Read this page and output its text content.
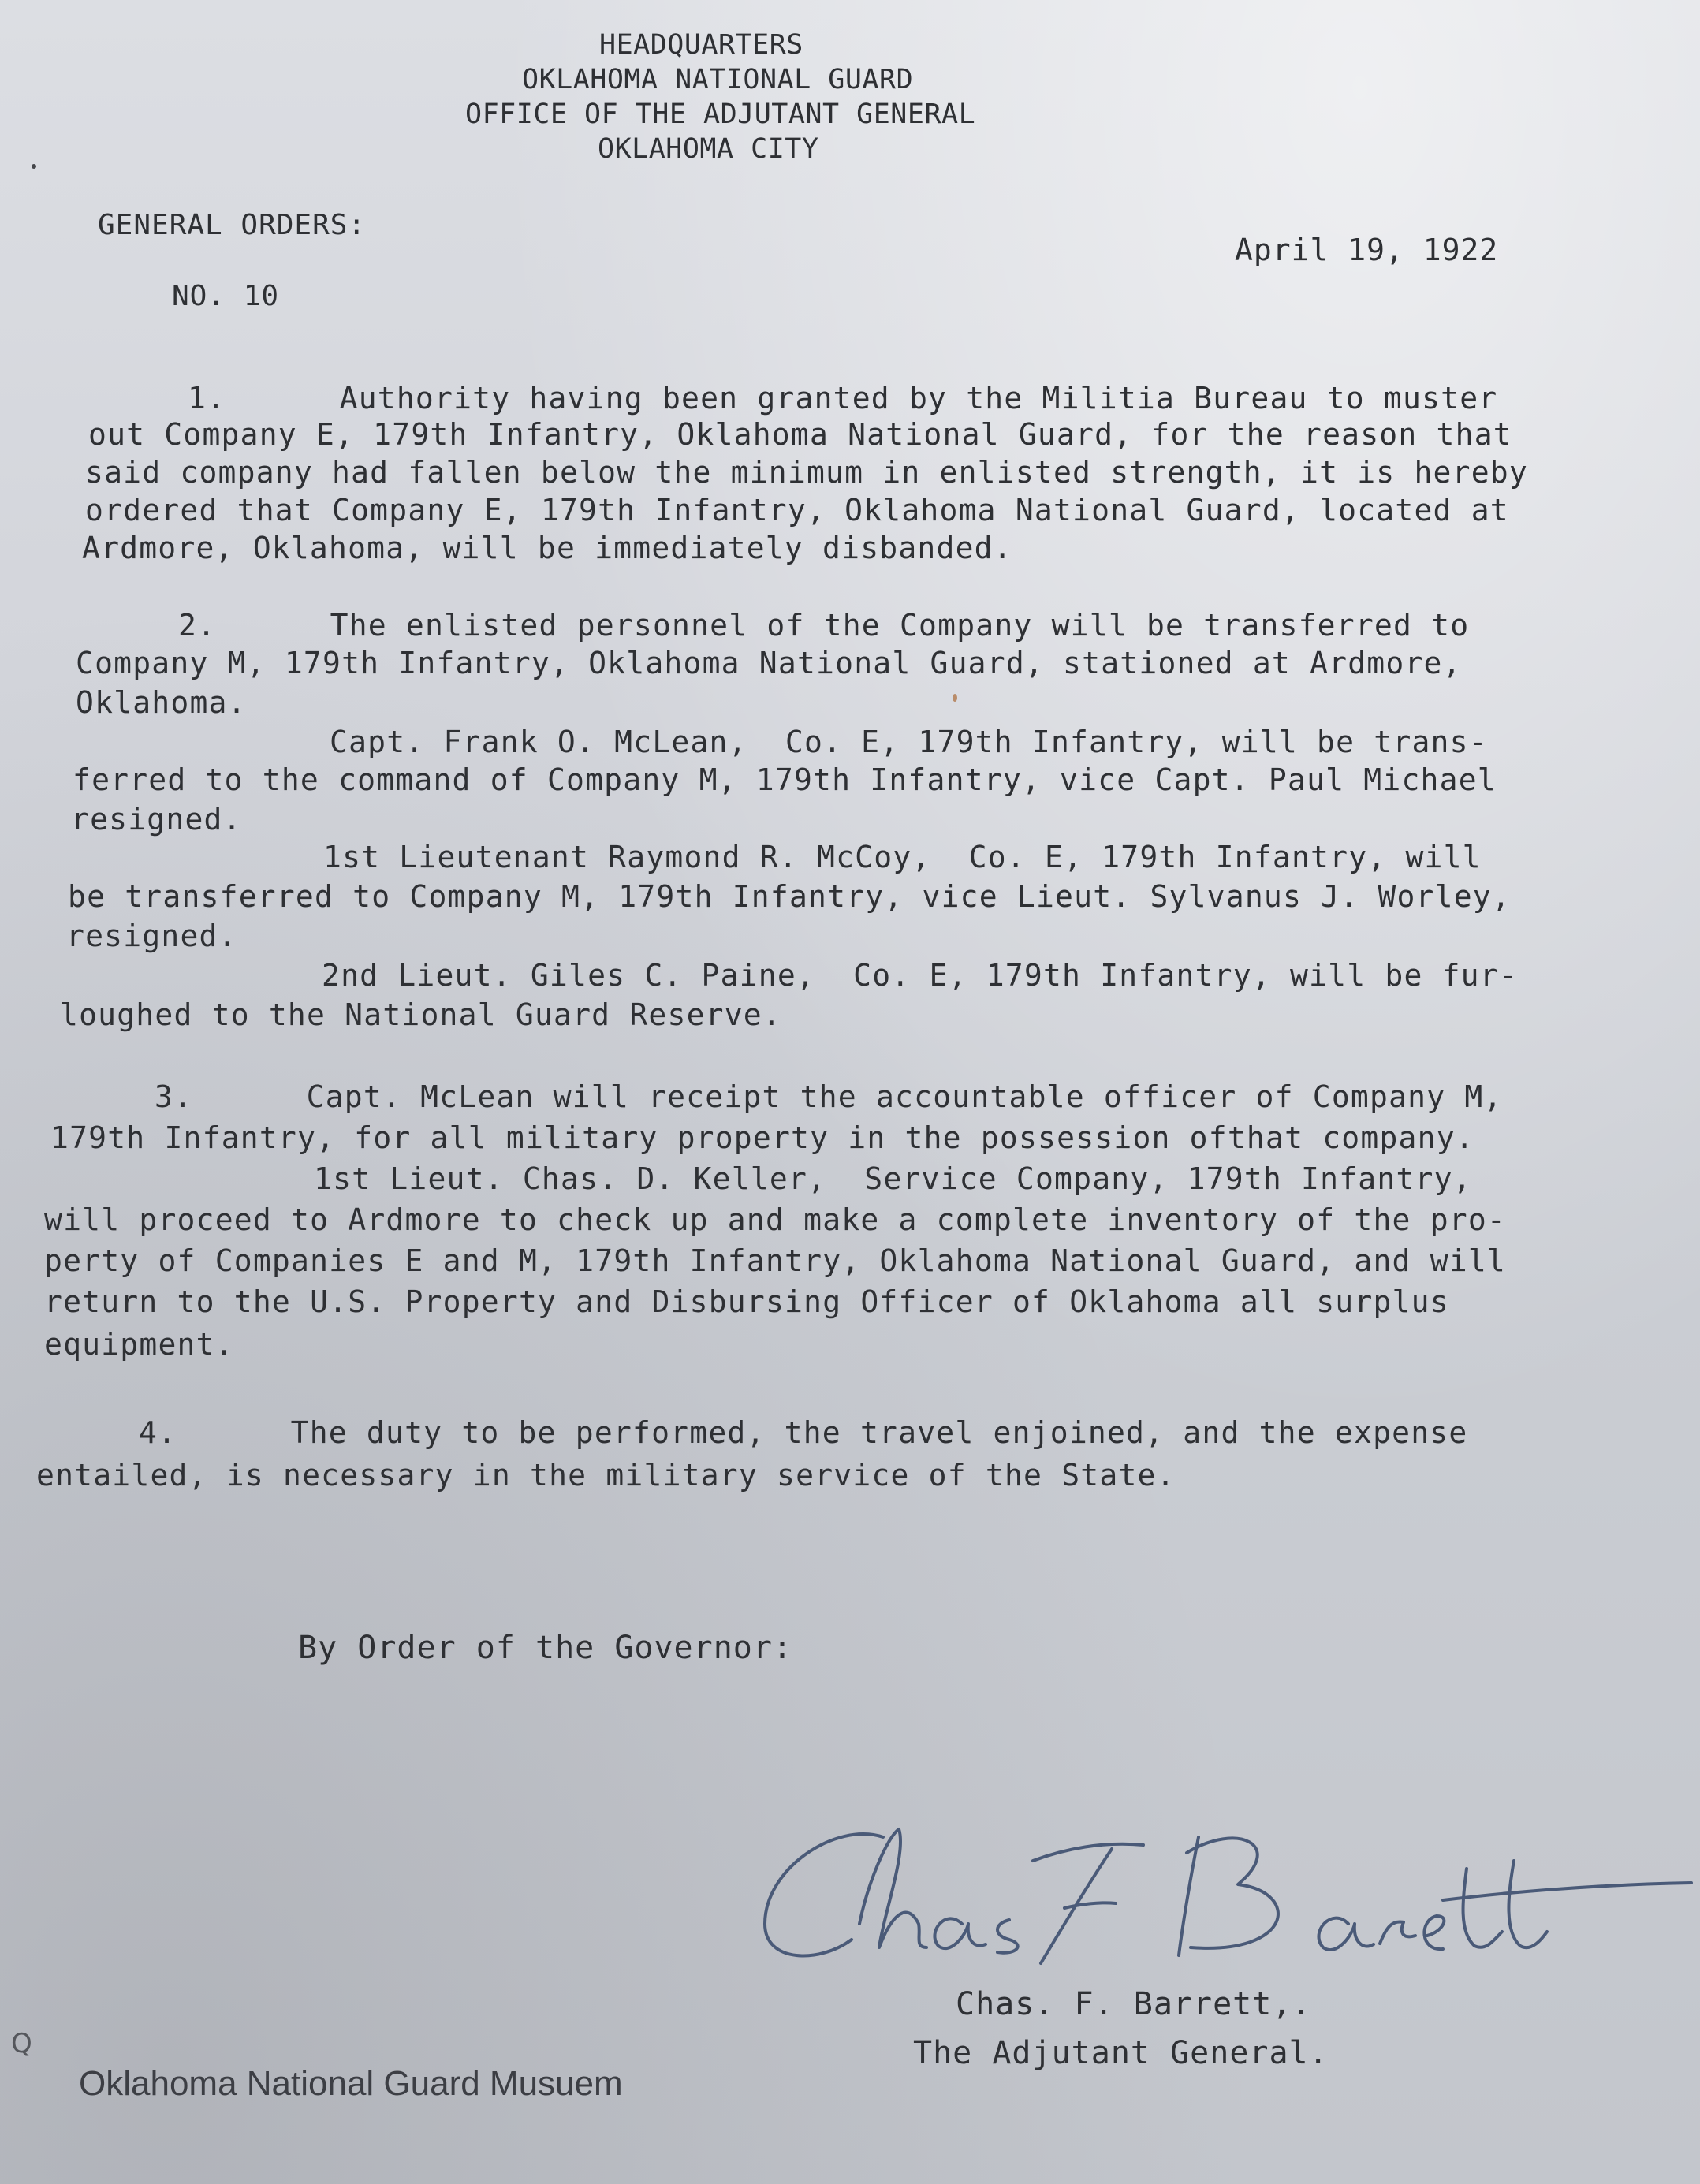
HEADQUARTERS
OKLAHOMA NATIONAL GUARD
OFFICE OF THE ADJUTANT GENERAL
OKLAHOMA CITY
GENERAL ORDERS:
April 19, 1922
NO. 10
1.      Authority having been granted by the Militia Bureau to muster
out Company E, 179th Infantry, Oklahoma National Guard, for the reason that
said company had fallen below the minimum in enlisted strength, it is hereby
ordered that Company E, 179th Infantry, Oklahoma National Guard, located at
Ardmore, Oklahoma, will be immediately disbanded.
2.      The enlisted personnel of the Company will be transferred to
Company M, 179th Infantry, Oklahoma National Guard, stationed at Ardmore,
Oklahoma.
Capt. Frank O. McLean,  Co. E, 179th Infantry, will be trans-
ferred to the command of Company M, 179th Infantry, vice Capt. Paul Michael
resigned.
1st Lieutenant Raymond R. McCoy,  Co. E, 179th Infantry, will
be transferred to Company M, 179th Infantry, vice Lieut. Sylvanus J. Worley,
resigned.
2nd Lieut. Giles C. Paine,  Co. E, 179th Infantry, will be fur-
loughed to the National Guard Reserve.
3.      Capt. McLean will receipt the accountable officer of Company M,
179th Infantry, for all military property in the possession ofthat company.
1st Lieut. Chas. D. Keller,  Service Company, 179th Infantry,
will proceed to Ardmore to check up and make a complete inventory of the pro-
perty of Companies E and M, 179th Infantry, Oklahoma National Guard, and will
return to the U.S. Property and Disbursing Officer of Oklahoma all surplus
equipment.
4.      The duty to be performed, the travel enjoined, and the expense
entailed, is necessary in the military service of the State.
By Order of the Governor:
Chas. F. Barrett,.
The Adjutant General.
Q
Oklahoma National Guard Musuem
